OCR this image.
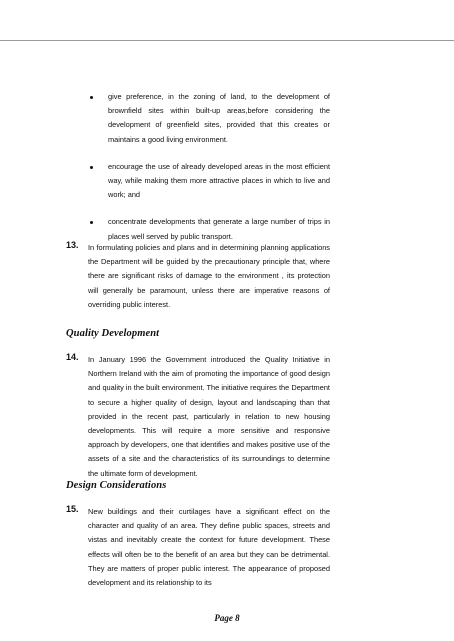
give preference, in the zoning of land, to the development of brownfield sites within built-up areas,before considering the development of greenfield sites, provided that this creates or maintains a good living environment.
encourage the use of already developed areas in the most efficient way, while making them more attractive places in which to live and work; and
concentrate developments that generate a large number of trips in places well served by public transport.
13. In formulating policies and plans and in determining planning applications the Department will be guided by the precautionary principle that, where there are significant risks of damage to the environment , its protection will generally be paramount, unless there are imperative reasons of overriding public interest.
Quality Development
14. In January 1996 the Government introduced the Quality Initiative in Northern Ireland with the aim of promoting the importance of good design and quality in the built environment. The initiative requires the Department to secure a higher quality of design, layout and landscaping than that provided in the recent past, particularly in relation to new housing developments. This will require a more sensitive and responsive approach by developers, one that identifies and makes positive use of the assets of a site and the characteristics of its surroundings to determine the ultimate form of development.
Design Considerations
15. New buildings and their curtilages have a significant effect on the character and quality of an area. They define public spaces, streets and vistas and inevitably create the context for future development. These effects will often be to the benefit of an area but they can be detrimental. They are matters of proper public interest. The appearance of proposed development and its relationship to its
Page 8
